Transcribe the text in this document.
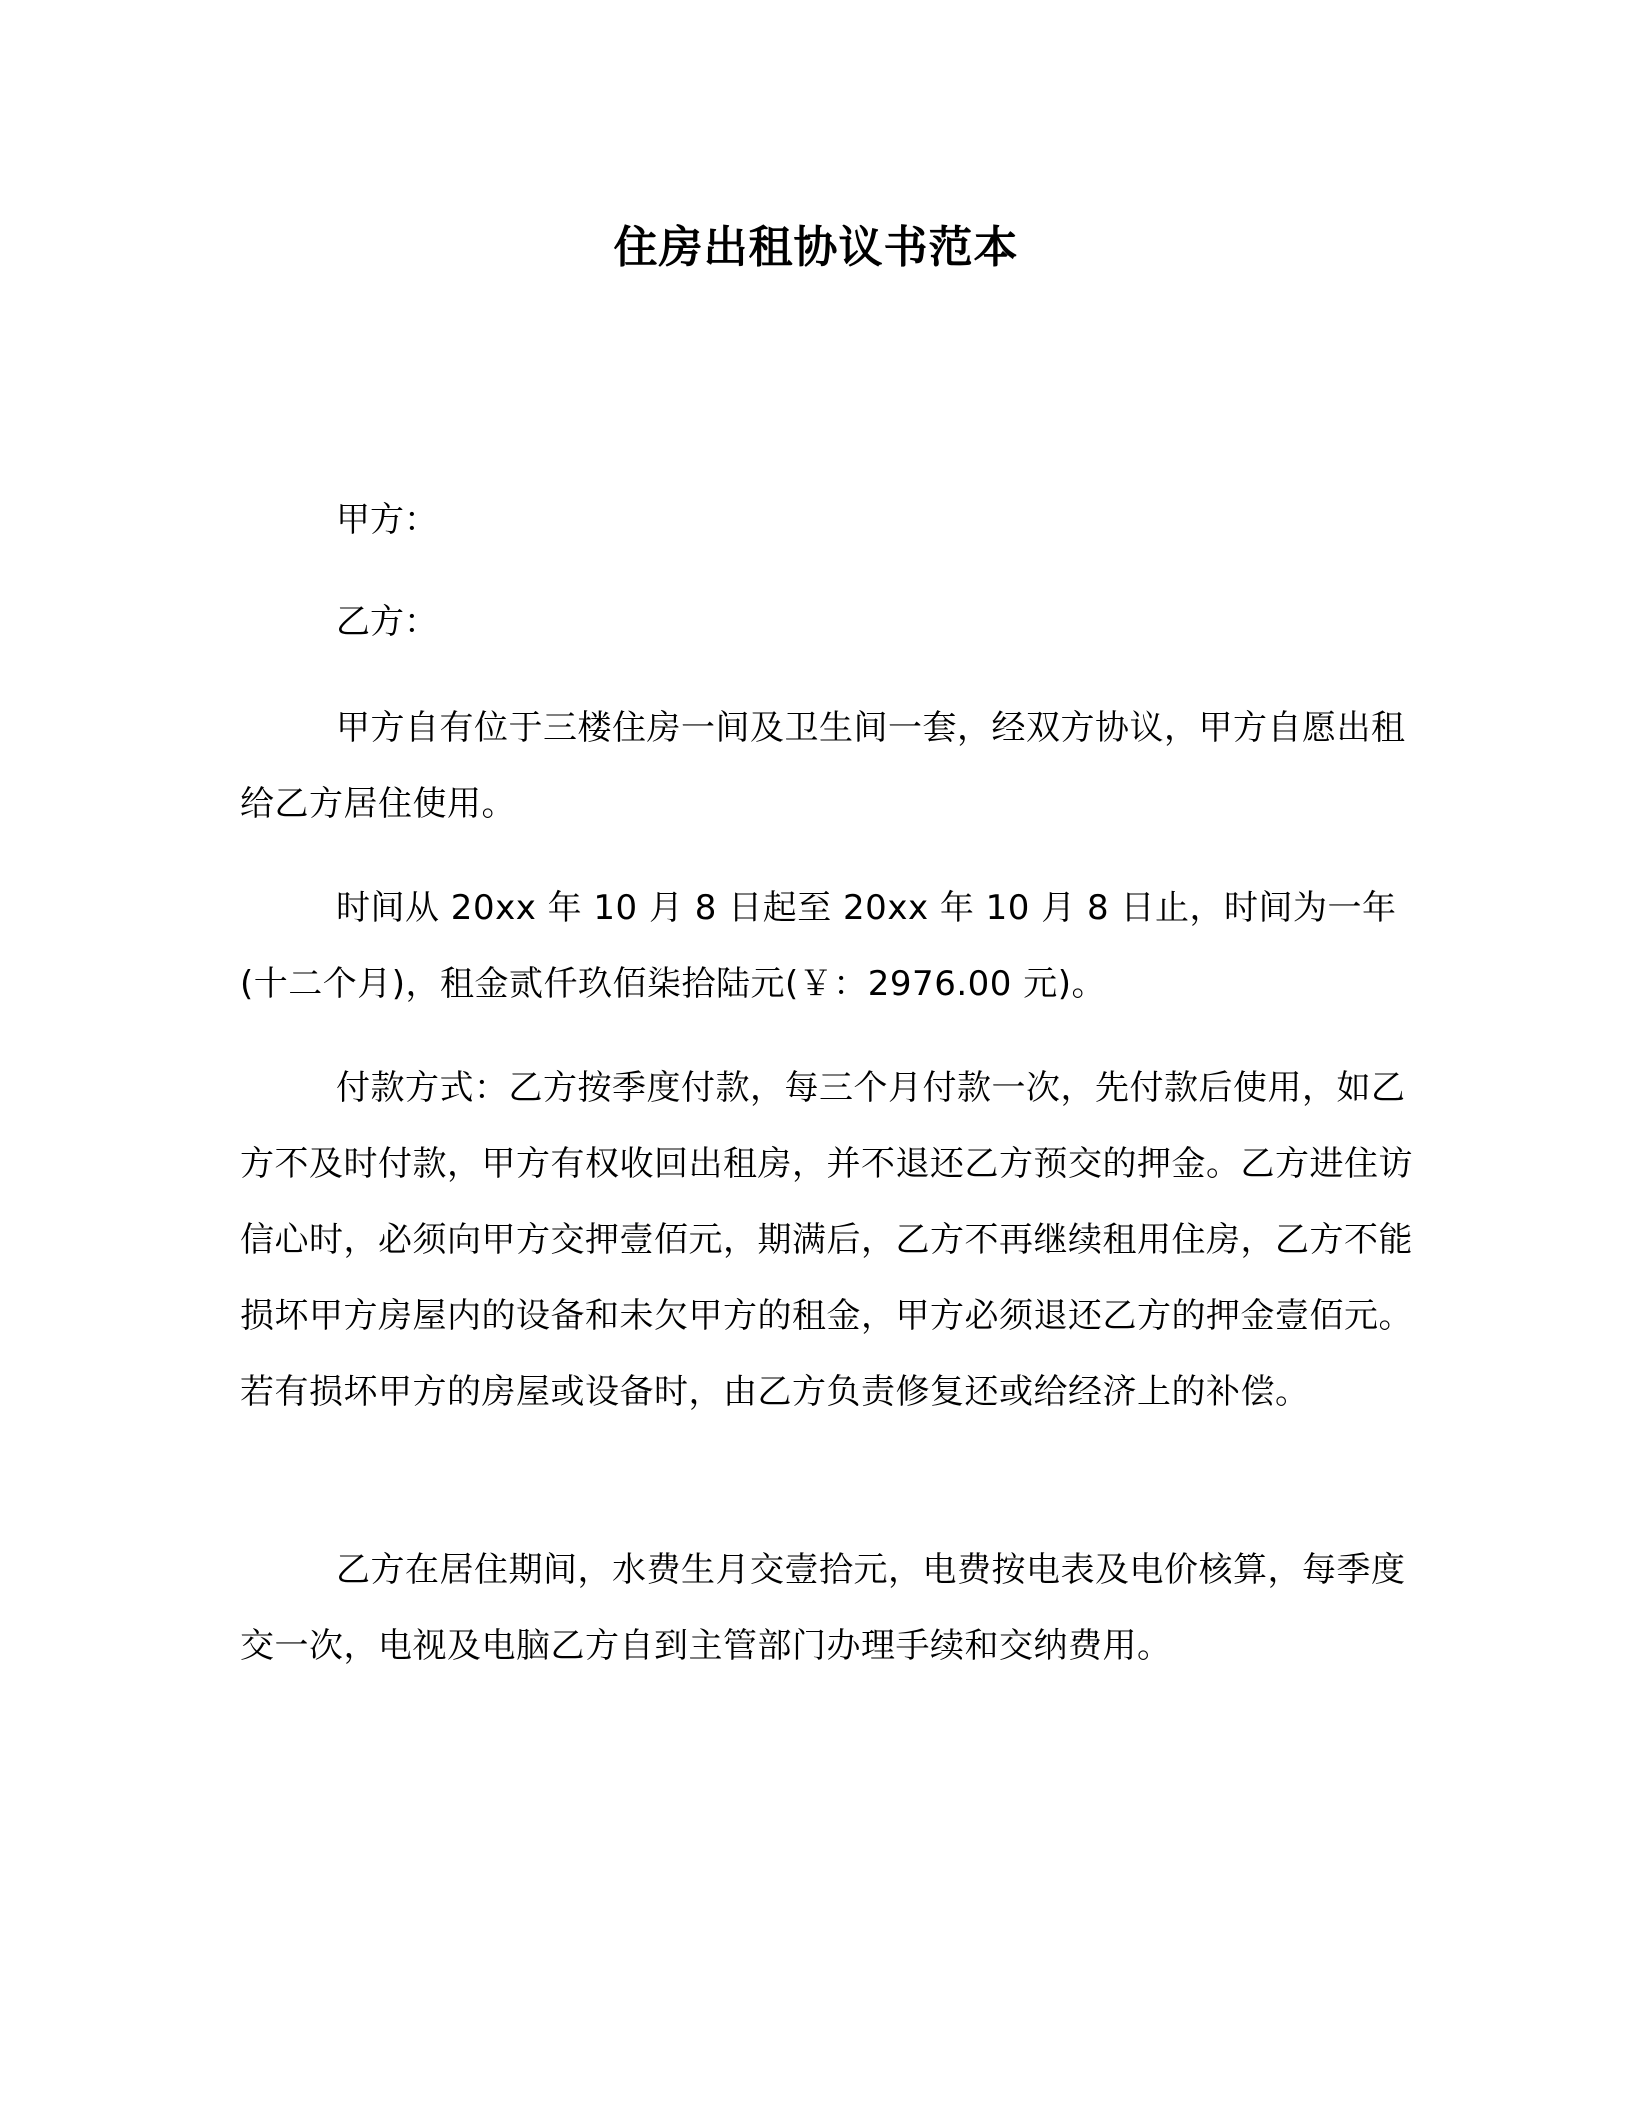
住房出租协议书范本
甲方：
乙方：

甲方自有位于三楼住房一间及卫生间一套，经双方协议，甲方自愿出租给乙方居住使用。

时间从 20xx 年 10 月 8 日起至 20xx 年 10 月 8 日止，时间为一年(十二个月)，租金贰仟玖佰柒拾陆元(￥：2976.00 元)。

付款方式：乙方按季度付款，每三个月付款一次，先付款后使用，如乙方不及时付款，甲方有权收回出租房，并不退还乙方预交的押金。乙方进住访信心时，必须向甲方交押壹佰元，期满后，乙方不再继续租用住房，乙方不能损坏甲方房屋内的设备和未欠甲方的租金，甲方必须退还乙方的押金壹佰元。若有损坏甲方的房屋或设备时，由乙方负责修复还或给经济上的补偿。

乙方在居住期间，水费生月交壹拾元，电费按电表及电价核算，每季度交一次，电视及电脑乙方自到主管部门办理手续和交纳费用。
